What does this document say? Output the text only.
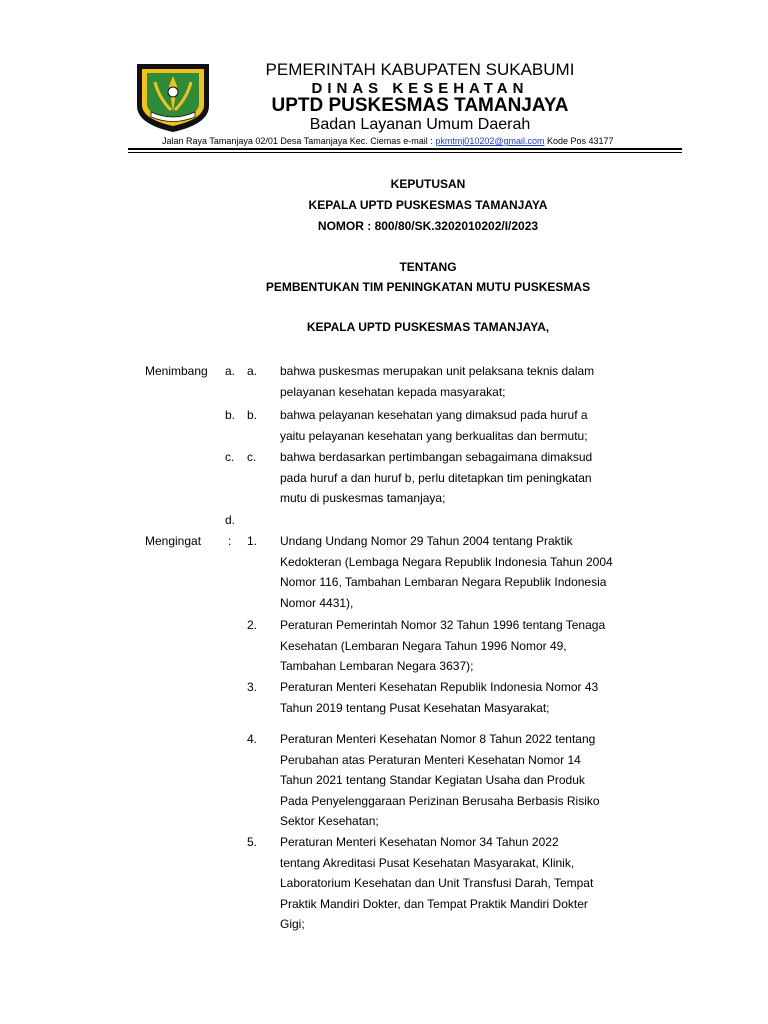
PEMERINTAH KABUPATEN SUKABUMI
DINAS KESEHATAN
UPTD PUSKESMAS TAMANJAYA
Badan Layanan Umum Daerah
Jalan Raya Tamanjaya 02/01 Desa Tamanjaya Kec. Ciemas e-mail : pkmtmj010202@gmail.com Kode Pos 43177
KEPUTUSAN
KEPALA UPTD PUSKESMAS TAMANJAYA
NOMOR : 800/80/SK.3202010202/I/2023
TENTANG
PEMBENTUKAN TIM PENINGKATAN MUTU PUSKESMAS
KEPALA UPTD PUSKESMAS TAMANJAYA,
Menimbang a. a. bahwa puskesmas merupakan unit pelaksana teknis dalam
pelayanan kesehatan kepada masyarakat;
b. b. bahwa pelayanan kesehatan yang dimaksud pada huruf a
yaitu pelayanan kesehatan yang berkualitas dan bermutu;
c. c. bahwa berdasarkan pertimbangan sebagaimana dimaksud
pada huruf a dan huruf b, perlu ditetapkan tim peningkatan
mutu di puskesmas tamanjaya;
d.
Mengingat : 1. Undang Undang Nomor 29 Tahun 2004 tentang Praktik
Kedokteran (Lembaga Negara Republik Indonesia Tahun 2004
Nomor 116, Tambahan Lembaran Negara Republik Indonesia
Nomor 4431),
2. Peraturan Pemerintah Nomor 32 Tahun 1996 tentang Tenaga
Kesehatan (Lembaran Negara Tahun 1996 Nomor 49,
Tambahan Lembaran Negara 3637);
3. Peraturan Menteri Kesehatan Republik Indonesia Nomor 43
Tahun 2019 tentang Pusat Kesehatan Masyarakat;
4. Peraturan Menteri Kesehatan Nomor 8 Tahun 2022 tentang
Perubahan atas Peraturan Menteri Kesehatan Nomor 14
Tahun 2021 tentang Standar Kegiatan Usaha dan Produk
Pada Penyelenggaraan Perizinan Berusaha Berbasis Risiko
Sektor Kesehatan;
5. Peraturan Menteri Kesehatan Nomor 34 Tahun 2022
tentang Akreditasi Pusat Kesehatan Masyarakat, Klinik,
Laboratorium Kesehatan dan Unit Transfusi Darah, Tempat
Praktik Mandiri Dokter, dan Tempat Praktik Mandiri Dokter
Gigi;
